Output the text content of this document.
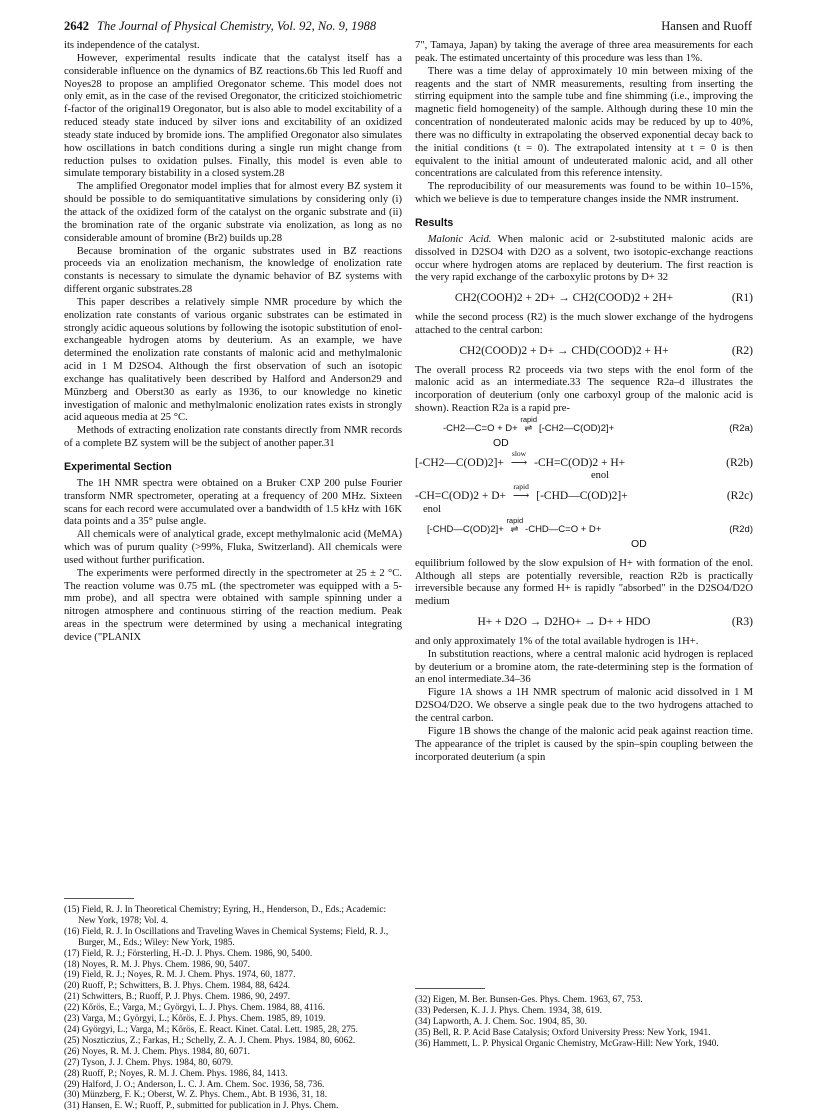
2642 The Journal of Physical Chemistry, Vol. 92, No. 9, 1988	Hansen and Ruoff

its independence of the catalyst.

However, experimental results indicate that the catalyst itself has a considerable influence on the dynamics of BZ reactions.6b This led Ruoff and Noyes28 to propose an amplified Oregonator scheme. This model does not only emit, as in the case of the revised Oregonator, the criticized stoichiometric f-factor of the original19 Oregonator, but is also able to model excitability of a reduced steady state induced by silver ions and excitability of an oxidized steady state induced by bromide ions. The amplified Oregonator also simulates how oscillations in batch conditions during a single run might change from reduction pulses to oxidation pulses. Finally, this model is even able to simulate temporary bistability in a closed system.28

The amplified Oregonator model implies that for almost every BZ system it should be possible to do semiquantitative simulations by considering only (i) the attack of the oxidized form of the catalyst on the organic substrate and (ii) the bromination rate of the organic substrate via enolization, as long as no considerable amount of bromine (Br2) builds up.28

Because bromination of the organic substrates used in BZ reactions proceeds via an enolization mechanism, the knowledge of enolization rate constants is necessary to simulate the dynamic behavior of BZ systems with different organic substrates.28

This paper describes a relatively simple NMR procedure by which the enolization rate constants of various organic substrates can be estimated in strongly acidic aqueous solutions by following the isotopic substitution of enol-exchangeable hydrogen atoms by deuterium. As an example, we have determined the enolization rate constants of malonic acid and methylmalonic acid in 1 M D2SO4. Although the first observation of such an isotopic exchange has qualitatively been described by Halford and Anderson29 and Münzberg and Oberst30 as early as 1936, to our knowledge no kinetic investigation of malonic and methylmalonic enolization rates exists in strongly acid aqueous media at 25 °C.

Methods of extracting enolization rate constants directly from NMR records of a complete BZ system will be the subject of another paper.31

Experimental Section

The 1H NMR spectra were obtained on a Bruker CXP 200 pulse Fourier transform NMR spectrometer, operating at a frequency of 200 MHz. Sixteen scans for each record were accumulated over a bandwidth of 1.5 kHz with 16K data points and a 35° pulse angle.

All chemicals were of analytical grade, except methylmalonic acid (MeMA) which was of purum quality (>99%, Fluka, Switzerland). All chemicals were used without further purification.

The experiments were performed directly in the spectrometer at 25 ± 2 °C. The reaction volume was 0.75 mL (the spectrometer was equipped with a 5-mm probe), and all spectra were obtained with sample spinning under a nitrogen atmosphere and continuous stirring of the reaction medium. Peak areas in the spectrum were determined by using a mechanical integrating device ("PLANIX

7", Tamaya, Japan) by taking the average of three area measurements for each peak. The estimated uncertainty of this procedure was less than 1%.

There was a time delay of approximately 10 min between mixing of the reagents and the start of NMR measurements, resulting from inserting the stirring equipment into the sample tube and fine shimming (i.e., improving the magnetic field homogeneity) of the sample. Although during these 10 min the concentration of nondeuterated malonic acids may be reduced by up to 40%, there was no difficulty in extrapolating the observed exponential decay back to the initial conditions (t = 0). The extrapolated intensity at t = 0 is then equivalent to the initial amount of undeuterated malonic acid, and all other concentrations are calculated from this reference intensity.

The reproducibility of our measurements was found to be within 10–15%, which we believe is due to temperature changes inside the NMR instrument.

Results

Malonic Acid. When malonic acid or 2-substituted malonic acids are dissolved in D2SO4 with D2O as a solvent, two isotopic-exchange reactions occur where hydrogen atoms are replaced by deuterium. The first reaction is the very rapid exchange of the carboxylic protons by D+ 32

CH2(COOH)2 + 2D+ → CH2(COOD)2 + 2H+	(R1)

while the second process (R2) is the much slower exchange of the hydrogens attached to the central carbon:

CH2(COOD)2 + D+ → CHD(COOD)2 + H+	(R2)

The overall process R2 proceeds via two steps with the enol form of the malonic acid as an intermediate.33 The sequence R2a–d illustrates the incorporation of deuterium (only one carboxyl group of the malonic acid is shown). Reaction R2a is a rapid pre-

-CH2—C=O + D+
rapid
⇌ [-CH2—C(OD)2]+	(R2a)
OD
[-CH2—C(OD)2]+
slow
⟶ -CH=C(OD)2 + H+	(R2b)
enol
-CH=C(OD)2 + D+
rapid
⟶ [-CHD—C(OD)2]+	(R2c)
enol
[-CHD—C(OD)2]+
rapid
⇌ -CHD—C=O + D+	(R2d)
OD

equilibrium followed by the slow expulsion of H+ with formation of the enol. Although all steps are potentially reversible, reaction R2b is practically irreversible because any formed H+ is rapidly "absorbed" in the D2SO4/D2O medium

H+ + D2O → D2HO+ → D+ + HDO	(R3)

and only approximately 1% of the total available hydrogen is 1H+.

In substitution reactions, where a central malonic acid hydrogen is replaced by deuterium or a bromine atom, the rate-determining step is the formation of an enol intermediate.34–36

Figure 1A shows a 1H NMR spectrum of malonic acid dissolved in 1 M D2SO4/D2O. We observe a single peak due to the two hydrogens attached to the central carbon.

Figure 1B shows the change of the malonic acid peak against reaction time. The appearance of the triplet is caused by the spin–spin coupling between the incorporated deuterium (a spin

(15) Field, R. J. In Theoretical Chemistry; Eyring, H., Henderson, D., Eds.; Academic: New York, 1978; Vol. 4.

(16) Field, R. J. In Oscillations and Traveling Waves in Chemical Systems; Field, R. J., Burger, M., Eds.; Wiley: New York, 1985.

(17) Field, R. J.; Försterling, H.-D. J. Phys. Chem. 1986, 90, 5400.

(18) Noyes, R. M. J. Phys. Chem. 1986, 90, 5407.

(19) Field, R. J.; Noyes, R. M. J. Chem. Phys. 1974, 60, 1877.

(20) Ruoff, P.; Schwitters, B. J. Phys. Chem. 1984, 88, 6424.

(21) Schwitters, B.; Ruoff, P. J. Phys. Chem. 1986, 90, 2497.

(22) Kőrös, E.; Varga, M.; Györgyi, L. J. Phys. Chem. 1984, 88, 4116.

(23) Varga, M.; Györgyi, L.; Kőrös, E. J. Phys. Chem. 1985, 89, 1019.

(24) Györgyi, L.; Varga, M.; Kőrös, E. React. Kinet. Catal. Lett. 1985, 28, 275.

(25) Noszticzius, Z.; Farkas, H.; Schelly, Z. A. J. Chem. Phys. 1984, 80, 6062.

(26) Noyes, R. M. J. Chem. Phys. 1984, 80, 6071.

(27) Tyson, J. J. Chem. Phys. 1984, 80, 6079.

(28) Ruoff, P.; Noyes, R. M. J. Chem. Phys. 1986, 84, 1413.

(29) Halford, J. O.; Anderson, L. C. J. Am. Chem. Soc. 1936, 58, 736.

(30) Münzberg, F. K.; Oberst, W. Z. Phys. Chem., Abt. B 1936, 31, 18.

(31) Hansen, E. W.; Ruoff, P., submitted for publication in J. Phys. Chem.

(32) Eigen, M. Ber. Bunsen-Ges. Phys. Chem. 1963, 67, 753.

(33) Pedersen, K. J. J. Phys. Chem. 1934, 38, 619.

(34) Lapworth, A. J. Chem. Soc. 1904, 85, 30.

(35) Bell, R. P. Acid Base Catalysis; Oxford University Press: New York, 1941.

(36) Hammett, L. P. Physical Organic Chemistry, McGraw-Hill: New York, 1940.
